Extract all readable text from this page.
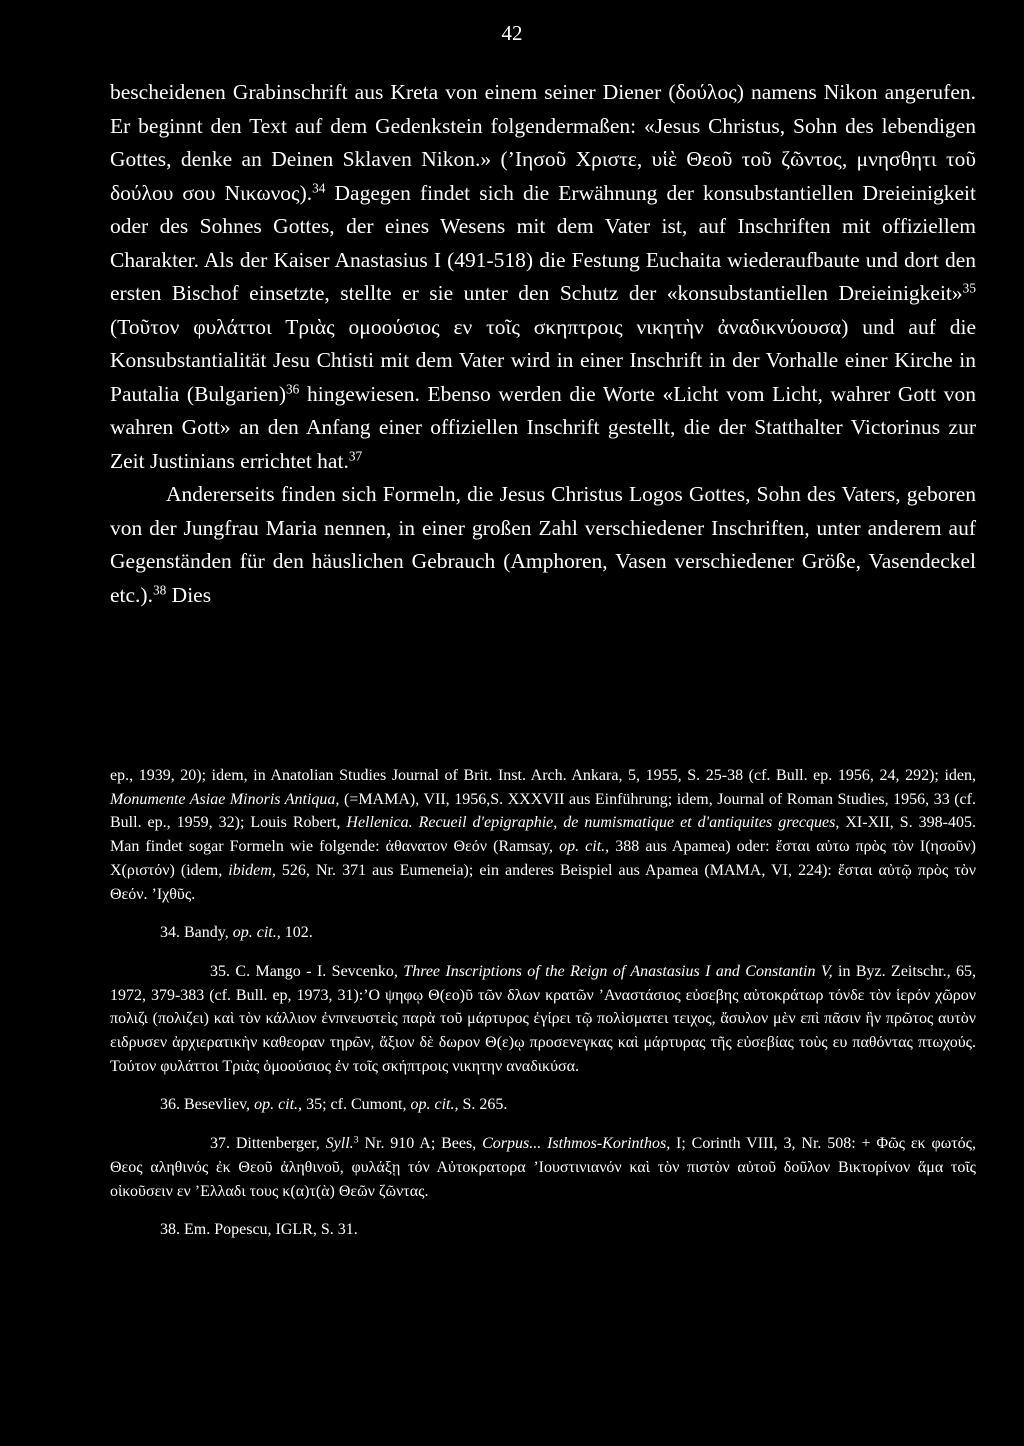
42

bescheidenen Grabinschrift aus Kreta von einem seiner Diener (δούλος) namens Nikon angerufen. Er beginnt den Text auf dem Gedenkstein folgendermaßen: «Jesus Christus, Sohn des lebendigen Gottes, denke an Deinen Sklaven Nikon.» (’Ιησοῦ Χριστε, υἱὲ Θεοῦ τοῦ ζῶντος, μνησθητι τοῦ δούλου σου Νικωνος).$^{34}$ Dagegen findet sich die Erwähnung der konsubstantiellen Dreieinigkeit oder des Sohnes Gottes, der eines Wesens mit dem Vater ist, auf Inschriften mit offiziellem Charakter. Als der Kaiser Anastasius I (491-518) die Festung Euchaita wiederaufbaute und dort den ersten Bischof einsetzte, stellte er sie unter den Schutz der «konsubstantiellen Dreieinigkeit»$^{35}$ (Τοῦτον φυλάττοι Τριὰς ομοούσιος εν τοῖς σκηπτροις νικητὴν ἀναδικνύουσα) und auf die Konsubstantialität Jesu Chtisti mit dem Vater wird in einer Inschrift in der Vorhalle einer Kirche in Pautalia (Bulgarien)$^{36}$ hingewiesen. Ebenso werden die Worte «Licht vom Licht, wahrer Gott von wahren Gott» an den Anfang einer offiziellen Inschrift gestellt, die der Statthalter Victorinus zur Zeit Justinians errichtet hat.$^{37}$

Andererseits finden sich Formeln, die Jesus Christus Logos Gottes, Sohn des Vaters, geboren von der Jungfrau Maria nennen, in einer großen Zahl verschiedener Inschriften, unter anderem auf Gegenständen für den häuslichen Gebrauch (Amphoren, Vasen verschiedener Größe, Vasendeckel etc.).$^{38}$ Dies

ep., 1939, 20); idem, in Anatolian Studies Journal of Brit. Inst. Arch. Ankara, 5, 1955, S. 25-38 (cf. Bull. ep. 1956, 24, 292); iden, Monumente Asiae Minoris Antiqua, (=MAMA), VII, 1956,S. XXXVII aus Einführung; idem, Journal of Roman Studies, 1956, 33 (cf. Bull. ep., 1959, 32); Louis Robert, Hellenica. Recueil d'epigraphie, de numismatique et d'antiquites grecques, XI-XII, S. 398-405. Man findet sogar Formeln wie folgende: ἀθανατον Θεόν (Ramsay, op. cit., 388 aus Apamea) oder: ἔσται αὐτω πρὸς τὸν I(ησοῦν) X(ριστόν) (idem, ibidem, 526, Nr. 371 aus Eumeneia); ein anderes Beispiel aus Apamea (MAMA, VI, 224): ἔσται αὐτῷ πρὸς τὸν Θεόν. ’Ιχθῦς.

34. Bandy, op. cit., 102.

35. C. Mango - I. Sevcenko, Three Inscriptions of the Reign of Anastasius I and Constantin V, in Byz. Zeitschr., 65, 1972, 379-383 (cf. Bull. ep, 1973, 31):’Ο ψηφῳ Θ(εο)ῦ τῶν δλων κρατῶν ’Αναστάσιος εὐσεβης αὐτοκράτωρ τόνδε τὸν ἱερόν χῶρον πολιζι (πολιζει) καὶ τὸν κάλλιον ἐνπνευστεὶς παρὰ τοῦ μάρτυρος ἐγίρει τῷ πολὶσματει τειχος, ἄσυλον μὲν επὶ πᾶσιν ἣν πρῶτος αυτὸν ειδρυσεν ἀρχιερατικὴν καθεοραν τηρῶν, ἄξιον δὲ δωρον Θ(ε)ῳ προσενεγκας καὶ μάρτυρας τῆς εὐσεβίας τοὺς ευ παθόντας πτωχούς. Τούτον φυλάττοι Τριὰς ὁμοούσιος ἐν τοῖς σκήπτροις νικητην αναδικύσα.

36. Besevliev, op. cit., 35; cf. Cumont, op. cit., S. 265.

37. Dittenberger, Syll.$^3$ Nr. 910 A; Bees, Corpus... Isthmos-Korinthos, I; Corinth VIII, 3, Nr. 508: + Φῶς εκ φωτός, Θεος αληθινός ἐκ Θεοῦ ἀληθινοῦ, φυλάξῃ τόν Αὐτοκρατορα ’Ιουστινιανόν καὶ τὸν πιστὸν αὐτοῦ δοῦλον Βικτορίνον ἅμα τοῖς οἰκοῦσειν εν ’Ελλαδι τους κ(α)τ(ὰ) Θεῶν ζῶντας.

38. Em. Popescu, IGLR, S. 31.
